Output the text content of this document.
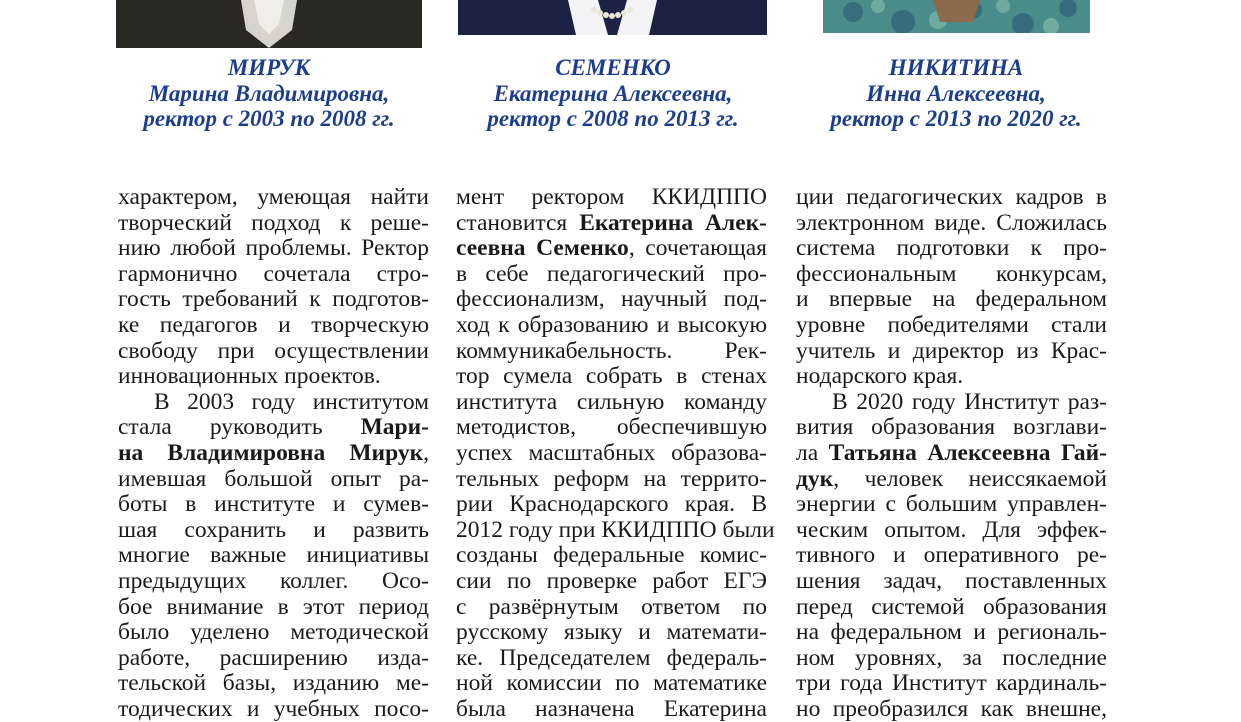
МИРУК
Марина Владимировна,
ректор с 2003 по 2008 гг.
СЕМЕНКО
Екатерина Алексеевна,
ректор с 2008 по 2013 гг.
НИКИТИНА
Инна Алексеевна,
ректор с 2013 по 2020 гг.
характером, умеющая найти
творческий подход к реше-
нию любой проблемы. Ректор
гармонично сочетала стро-
гость требований к подготов-
ке педагогов и творческую
свободу при осуществлении
инновационных проектов.
В 2003 году институтом
стала руководить Мари-
на Владимировна Мирук,
имевшая большой опыт ра-
боты в институте и сумев-
шая сохранить и развить
многие важные инициативы
предыдущих коллег. Осо-
бое внимание в этот период
было уделено методической
работе, расширению изда-
тельской базы, изданию ме-
тодических и учебных посо-
мент ректором ККИДППО
становится Екатерина Алек-
сеевна Семенко, сочетающая
в себе педагогический про-
фессионализм, научный под-
ход к образованию и высокую
коммуникабельность. Рек-
тор сумела собрать в стенах
института сильную команду
методистов, обеспечившую
успех масштабных образова-
тельных реформ на террито-
рии Краснодарского края. В
2012 году при ККИДППО были
созданы федеральные комис-
сии по проверке работ ЕГЭ
с развёрнутым ответом по
русскому языку и математи-
ке. Председателем федераль-
ной комиссии по математике
была назначена Екатерина
ции педагогических кадров в
электронном виде. Сложилась
система подготовки к про-
фессиональным конкурсам,
и впервые на федеральном
уровне победителями стали
учитель и директор из Крас-
нодарского края.
В 2020 году Институт раз-
вития образования возглави-
ла Татьяна Алексеевна Гай-
дук, человек неиссякаемой
энергии с большим управлен-
ческим опытом. Для эффек-
тивного и оперативного ре-
шения задач, поставленных
перед системой образования
на федеральном и региональ-
ном уровнях, за последние
три года Институт кардиналь-
но преобразился как внешне,
